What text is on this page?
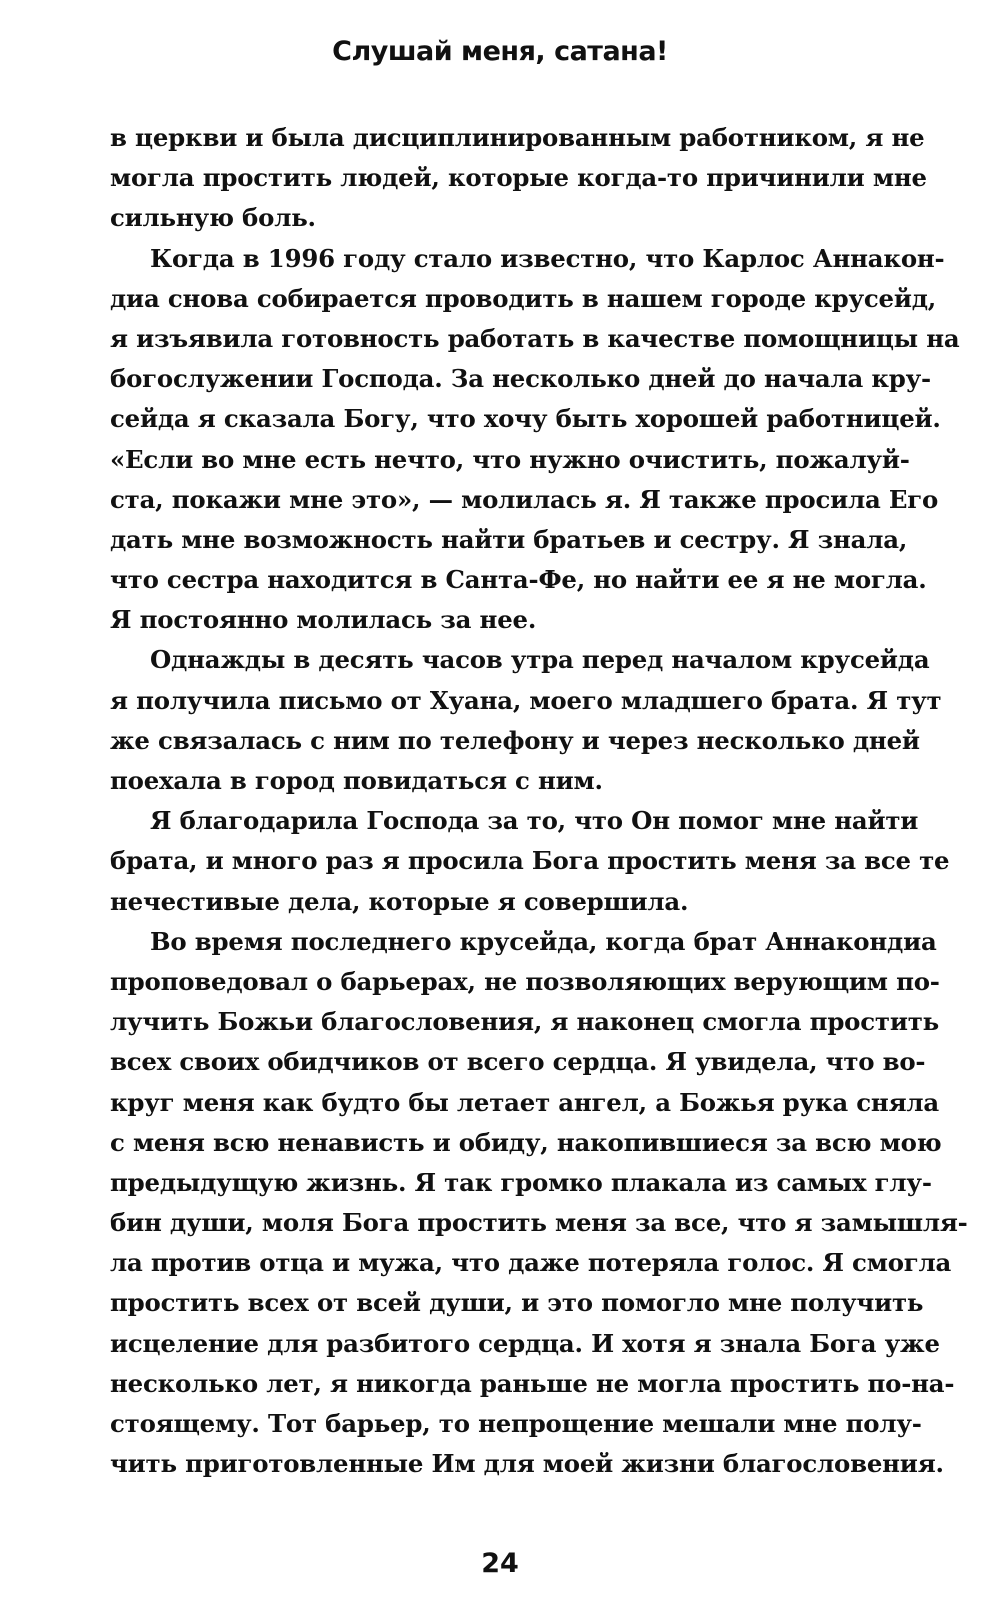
Слушай меня, сатана!
в церкви и была дисциплинированным работником, я не
могла простить людей, которые когда-то причинили мне
сильную боль.
Когда в 1996 году стало известно, что Карлос Аннакон-
диа снова собирается проводить в нашем городе крусейд,
я изъявила готовность работать в качестве помощницы на
богослужении Господа. За несколько дней до начала кру-
сейда я сказала Богу, что хочу быть хорошей работницей.
«Если во мне есть нечто, что нужно очистить, пожалуй-
ста, покажи мне это», — молилась я. Я также просила Его
дать мне возможность найти братьев и сестру. Я знала,
что сестра находится в Санта-Фе, но найти ее я не могла.
Я постоянно молилась за нее.
Однажды в десять часов утра перед началом крусейда
я получила письмо от Хуана, моего младшего брата. Я тут
же связалась с ним по телефону и через несколько дней
поехала в город повидаться с ним.
Я благодарила Господа за то, что Он помог мне найти
брата, и много раз я просила Бога простить меня за все те
нечестивые дела, которые я совершила.
Во время последнего крусейда, когда брат Аннакондиа
проповедовал о барьерах, не позволяющих верующим по-
лучить Божьи благословения, я наконец смогла простить
всех своих обидчиков от всего сердца. Я увидела, что во-
круг меня как будто бы летает ангел, а Божья рука сняла
с меня всю ненависть и обиду, накопившиеся за всю мою
предыдущую жизнь. Я так громко плакала из самых глу-
бин души, моля Бога простить меня за все, что я замышля-
ла против отца и мужа, что даже потеряла голос. Я смогла
простить всех от всей души, и это помогло мне получить
исцеление для разбитого сердца. И хотя я знала Бога уже
несколько лет, я никогда раньше не могла простить по-на-
стоящему. Тот барьер, то непрощение мешали мне полу-
чить приготовленные Им для моей жизни благословения.
24
